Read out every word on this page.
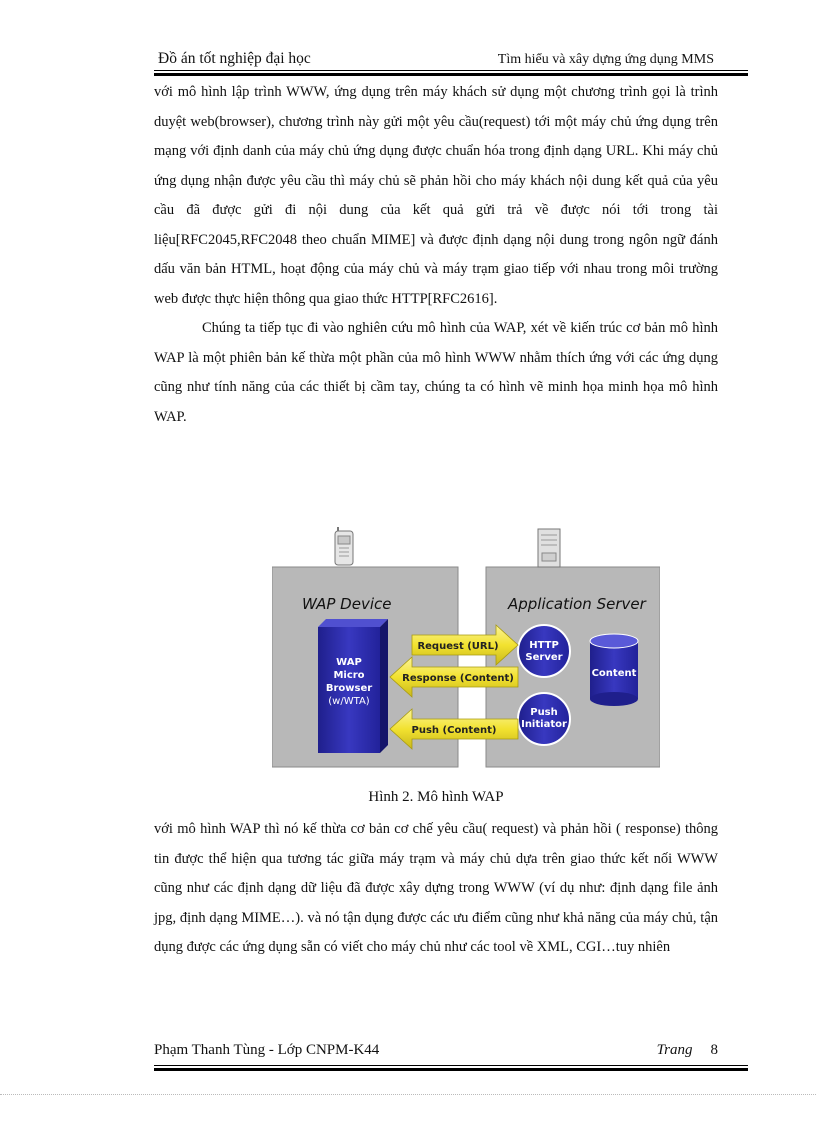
Đồ án tốt nghiệp đại học	Tìm hiểu và xây dựng ứng dụng MMS

với mô hình lập trình WWW, ứng dụng trên máy khách sử dụng một chương trình gọi là trình duyệt web(browser), chương trình này gửi một yêu cầu(request) tới một máy chủ ứng dụng trên mạng với định danh của máy chủ ứng dụng được chuẩn hóa trong định dạng URL. Khi máy chủ ứng dụng nhận được yêu cầu thì máy chủ sẽ phản hồi cho máy khách nội dung kết quả của yêu cầu đã được gửi đi nội dung của kết quả gửi trả về được nói tới trong tài liệu[RFC2045,RFC2048 theo chuẩn MIME] và được định dạng nội dung trong ngôn ngữ đánh dấu văn bản HTML, hoạt động của máy chủ và máy trạm giao tiếp với nhau trong môi trường web được thực hiện thông qua giao thức HTTP[RFC2616].

Chúng ta tiếp tục đi vào nghiên cứu mô hình của WAP, xét về kiến trúc cơ bản mô hình WAP là một phiên bản kế thừa một phần của mô hình WWW nhằm thích ứng với các ứng dụng cũng như tính năng của các thiết bị cầm tay, chúng ta có hình vẽ minh họa minh họa mô hình WAP.

WAP Device	Application Server
WAP
Micro
Browser
(w/WTA)
HTTP
Server
Push
Initiator
Content
Request (URL)
Response (Content)
Push (Content)
Hình 2. Mô hình WAP

với mô hình WAP thì nó kế thừa cơ bản cơ chế yêu cầu( request) và phản hồi ( response) thông tin được thể hiện qua tương tác giữa máy trạm và máy chủ dựa trên giao thức kết nối WWW cũng như các định dạng dữ liệu đã được xây dựng trong WWW (ví dụ như: định dạng file ảnh jpg, định dạng MIME…). và nó tận dụng được các ưu điểm cũng như khả năng của máy chủ, tận dụng được các ứng dụng sẵn có viết cho máy chủ như các tool về XML, CGI…tuy nhiên

Phạm Thanh Tùng - Lớp CNPM-K44	Trang 8
